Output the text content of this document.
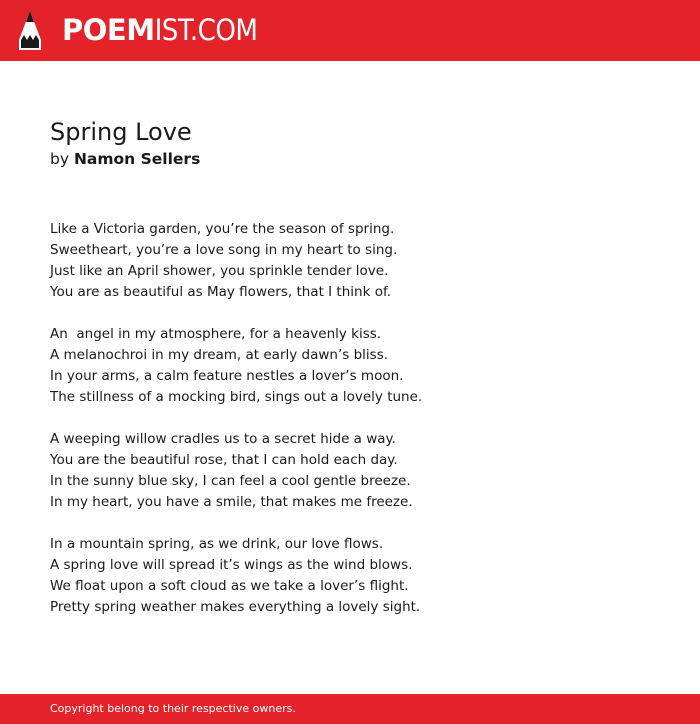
POEMIST.COM
Spring Love
by Namon Sellers
Like a Victoria garden, you’re the season of spring.
Sweetheart, you’re a love song in my heart to sing.
Just like an April shower, you sprinkle tender love.
You are as beautiful as May flowers, that I think of.
An  angel in my atmosphere, for a heavenly kiss.
A melanochroi in my dream, at early dawn’s bliss.
In your arms, a calm feature nestles a lover’s moon.
The stillness of a mocking bird, sings out a lovely tune.
A weeping willow cradles us to a secret hide a way.
You are the beautiful rose, that I can hold each day.
In the sunny blue sky, I can feel a cool gentle breeze.
In my heart, you have a smile, that makes me freeze.
In a mountain spring, as we drink, our love flows.
A spring love will spread it’s wings as the wind blows.
We float upon a soft cloud as we take a lover’s flight.
Pretty spring weather makes everything a lovely sight.
Copyright belong to their respective owners.
